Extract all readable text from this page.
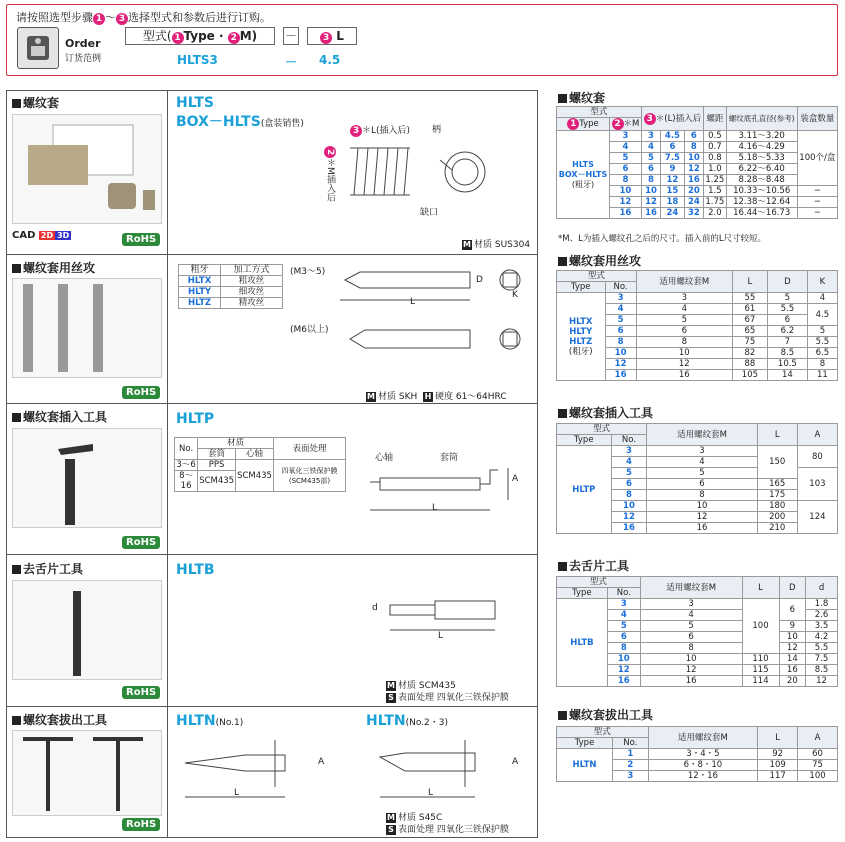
请按照选型步骤 1 ～ 3 选择型式和参数后进行订购。
Order
订货范例
型式( 1 Type · 2 M)	－	3 L
HLTS3	－ 4.5
螺纹套
CAD 2D 3D	RoHS
HLTS
BOX－HLTS(盒装销售)
3 ＊L(插入后)
2＊M插入后
柄
缺口
M 材质 SUS304
螺纹套用丝攻
RoHS
粗牙	加工方式
HLTX	粗攻丝
HLTY	细攻丝
HLTZ	精攻丝
(M3～5)
(M6以上)
L
D
K
M 材质 SKH H 硬度 61～64HRC
螺纹套插入工具
RoHS
HLTP
No.	材质		表面处理
	套筒	心轴	
3～6	PPS	SCM435	四氧化三铁保护膜(SCM435部)
8～16	SCM435		
心轴	套筒
L
A
去舌片工具
RoHS
HLTB
d
L
M 材质 SCM435
S 表面处理 四氧化三铁保护膜
螺纹套拔出工具
RoHS
HLTN(No.1)	HLTN(No.2・3)
L
A
L
A
M 材质 S45C
S 表面处理 四氧化三铁保护膜
螺纹套
型式		3 ＊(L)插入后			螺距	螺纹底孔直径(参考)	装盒数量
1 Type	2 ＊M						

HLTS
BOX－HLTS
(粗牙)	3	3	4.5	6	0.5	3.11～3.20	100个/盒
	4	4	6	8	0.7	4.16～4.29	
	5	5	7.5	10	0.8	5.18～5.33	
	6	6	9	12	1.0	6.22～6.40	
	8	8	12	16	1.25	8.28～8.48	
	10	10	15	20	1.5	10.33～10.56	─
	12	12	18	24	1.75	12.38～12.64	─
	16	16	24	32	2.0	16.44～16.73	─
*M、L为插入螺纹孔之后的尺寸。插入前的L尺寸较短。
螺纹套用丝攻
型式		适用螺纹套M	L	D	K
Type	No.				

HLTX
HLTY
HLTZ
(粗牙)	3	3	55	5	4
	4	4	61	5.5	4.5
	5	5	67	6	
	6	6	65	6.2	5
	8	8	75	7	5.5
	10	10	82	8.5	6.5
	12	12	88	10.5	8
	16	16	105	14	11
螺纹套插入工具
型式		适用螺纹套M	L	A
Type	No.			
HLTP	3	3	150	80
	4	4		
	5	5		103
	6	6	165	
	8	8	175	
	10	10	180	124
	12	12	200	
	16	16	210	
去舌片工具
型式		适用螺纹套M	L	D	d
Type	No.				
HLTB	3	3	100	6	1.8
	4	4			2.6
	5	5		9	3.5
	6	6		10	4.2
	8	8		12	5.5
	10	10	110	14	7.5
	12	12	115	16	8.5
	16	16	114	20	12
螺纹套拔出工具
型式		适用螺纹套M	L	A
Type	No.			
HLTN	1	3・4・5	92	60
	2	6・8・10	109	75
	3	12・16	117	100
